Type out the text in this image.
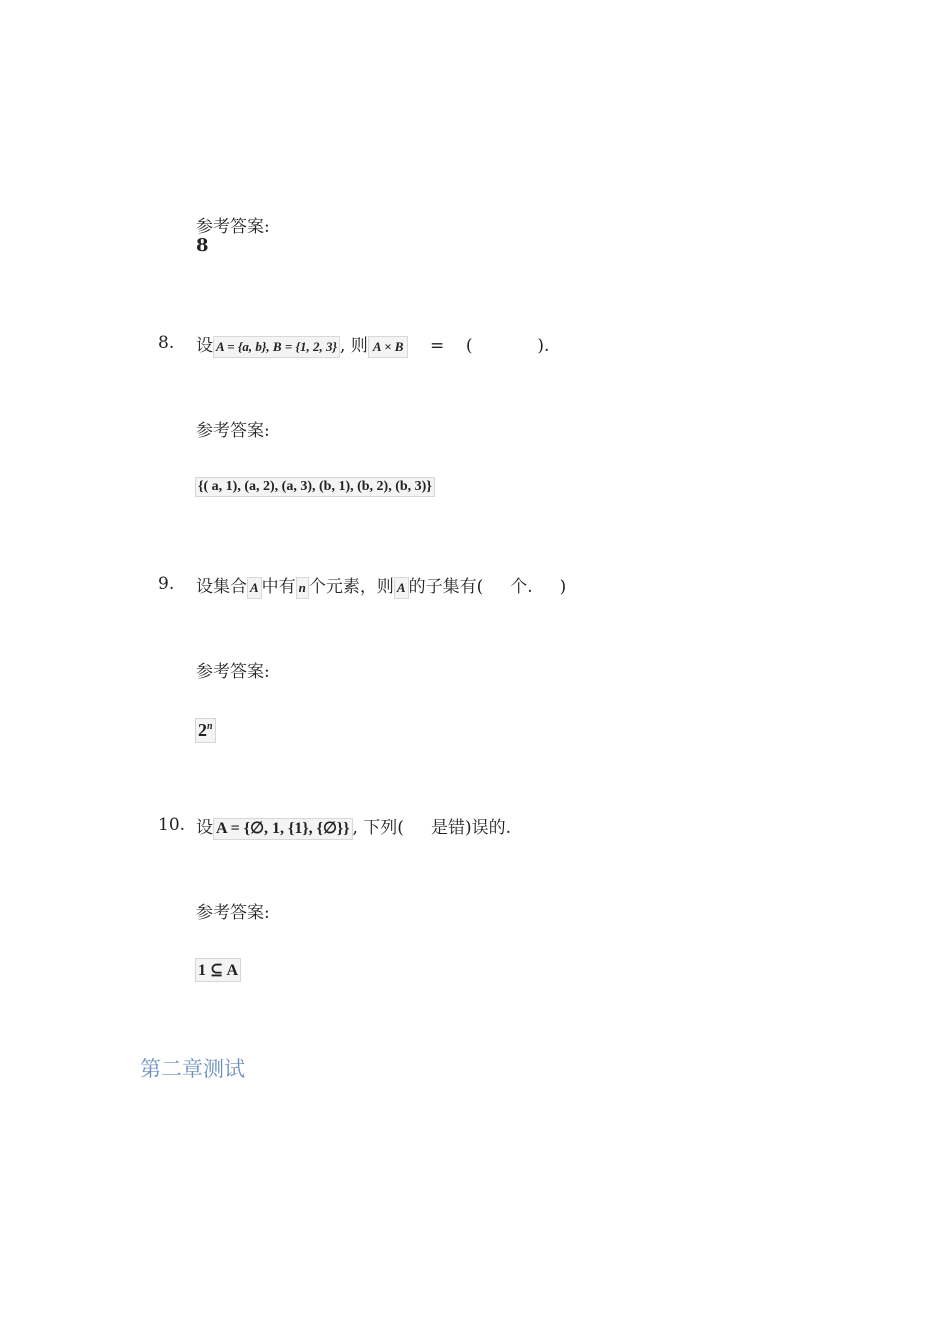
参考答案:
8
8. 设 A = {a, b}, B = {1, 2, 3} , 则 A × B    =    (            ).
参考答案:
{( a, 1), (a, 2), (a, 3), (b, 1), (b, 2), (b, 3)}
9. 设集合 A 中有 n 个元素，则 A 的子集有(     个.     )
参考答案:
2$^n$
10. 设 A = {∅, 1, {1}, {∅}} , 下列(     是错)误的.
参考答案:
1 ⊆ A
第二章测试
